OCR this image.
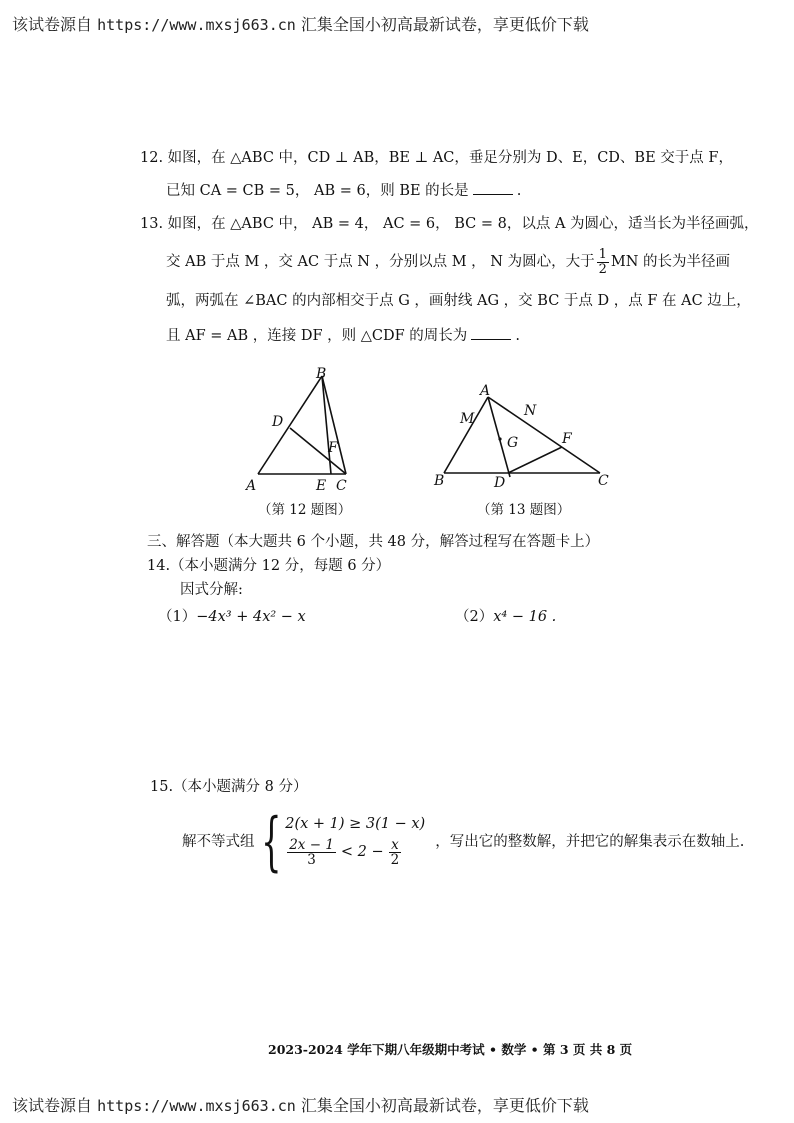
该试卷源自 https://www.mxsj663.cn 汇集全国小初高最新试卷，享更低价下载
12. 如图，在 △ABC 中，CD ⊥ AB，BE ⊥ AC，垂足分别为 D、E，CD、BE 交于点 F，
已知 CA = CB = 5， AB = 6，则 BE 的长是	.
13. 如图，在 △ABC 中， AB = 4， AC = 6， BC = 8，以点 A 为圆心，适当长为半径画弧，
交 AB 于点 M ，交 AC 于点 N ，分别以点 M ， N 为圆心，大于 $\frac{1}{2}$ MN 的长为半径画
弧，两弧在 ∠BAC 的内部相交于点 G ，画射线 AG ，交 BC 于点 D ，点 F 在 AC 边上，
且 AF = AB ，连接 DF ，则 △CDF 的周长为	.
B
D
F
A	E C
（第 12 题图）
A
M	N
G	F
B	D	C
（第 13 题图）
三、解答题（本大题共 6 个小题，共 48 分，解答过程写在答题卡上）
14.（本小题满分 12 分，每题 6 分）
因式分解:
（1）−4x³ + 4x² − x	（2）x⁴ − 16 .
15.（本小题满分 8 分）
解不等式组 { 2(x + 1) ≥ 3(1 − x)
$\frac{2x - 1}{3} < 2 - \frac{x}{2}$ ，写出它的整数解，并把它的解集表示在数轴上.
2023-2024 学年下期八年级期中考试 • 数学 • 第 3 页 共 8 页
该试卷源自 https://www.mxsj663.cn 汇集全国小初高最新试卷，享更低价下载
